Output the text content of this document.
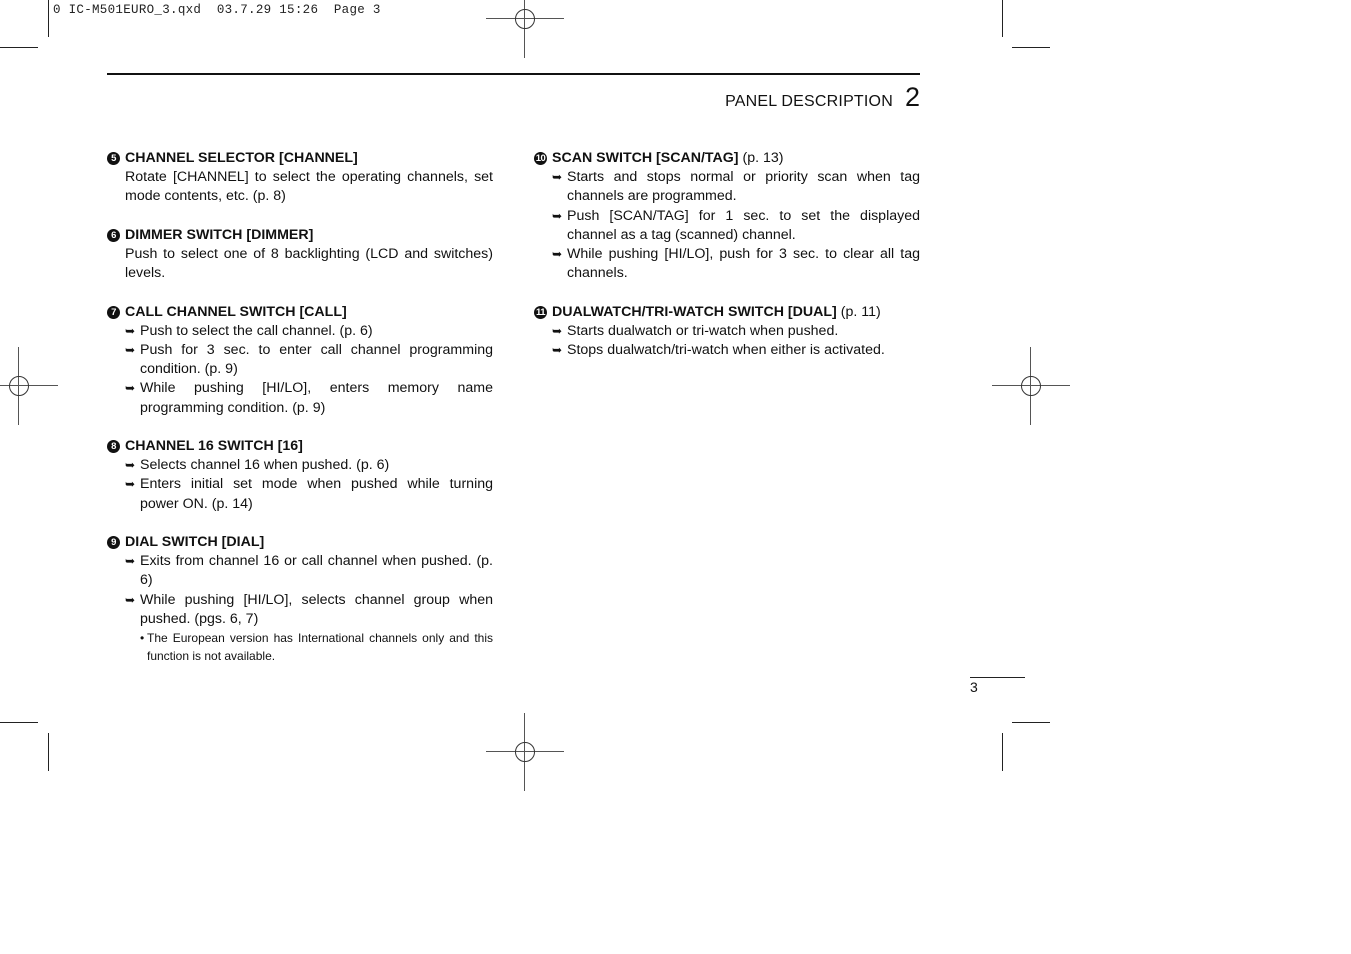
0 IC-M501EURO_3.qxd  03.7.29 15:26  Page 3
PANEL DESCRIPTION 2
5 CHANNEL SELECTOR [CHANNEL]
Rotate [CHANNEL] to select the operating channels, set mode contents, etc. (p. 8)
6 DIMMER SWITCH [DIMMER]
Push to select one of 8 backlighting (LCD and switches) levels.
7 CALL CHANNEL SWITCH [CALL]
➥ Push to select the call channel. (p. 6)
➥ Push for 3 sec. to enter call channel programming condition. (p. 9)
➥ While pushing [HI/LO], enters memory name programming condition. (p. 9)
8 CHANNEL 16 SWITCH [16]
➥ Selects channel 16 when pushed. (p. 6)
➥ Enters initial set mode when pushed while turning power ON. (p. 14)
9 DIAL SWITCH [DIAL]
➥ Exits from channel 16 or call channel when pushed. (p. 6)
➥ While pushing [HI/LO], selects channel group when pushed. (pgs. 6, 7)
• The European version has International channels only and this function is not available.
10 SCAN SWITCH [SCAN/TAG] (p. 13)
➥ Starts and stops normal or priority scan when tag channels are programmed.
➥ Push [SCAN/TAG] for 1 sec. to set the displayed channel as a tag (scanned) channel.
➥ While pushing [HI/LO], push for 3 sec. to clear all tag channels.
11 DUALWATCH/TRI-WATCH SWITCH [DUAL] (p. 11)
➥ Starts dualwatch or tri-watch when pushed.
➥ Stops dualwatch/tri-watch when either is activated.
3
